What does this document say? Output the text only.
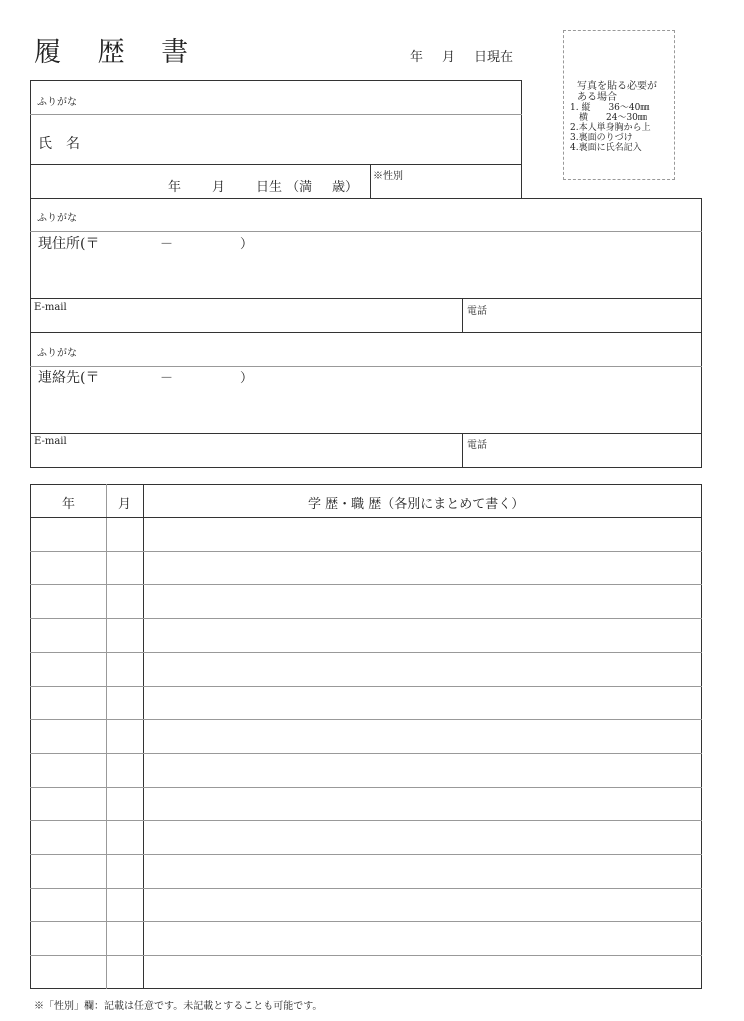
履 歴 書	年	月	日現在
写真を貼る必要が
ある場合
1. 縦　　36～40㎜
　横　　24～30㎜
2.本人単身胸から上
3.裏面のりづけ
4.裏面に氏名記入
ふりがな
氏　名
年 月 日生 （満 歳）
※性別
ふりがな
現住所(〒	－	）
E-mail	電話
ふりがな
連絡先(〒	－	）
E-mail	電話
年	月	学 歴・職 歴（各別にまとめて書く）
※「性別」欄：記載は任意です。未記載とすることも可能です。
